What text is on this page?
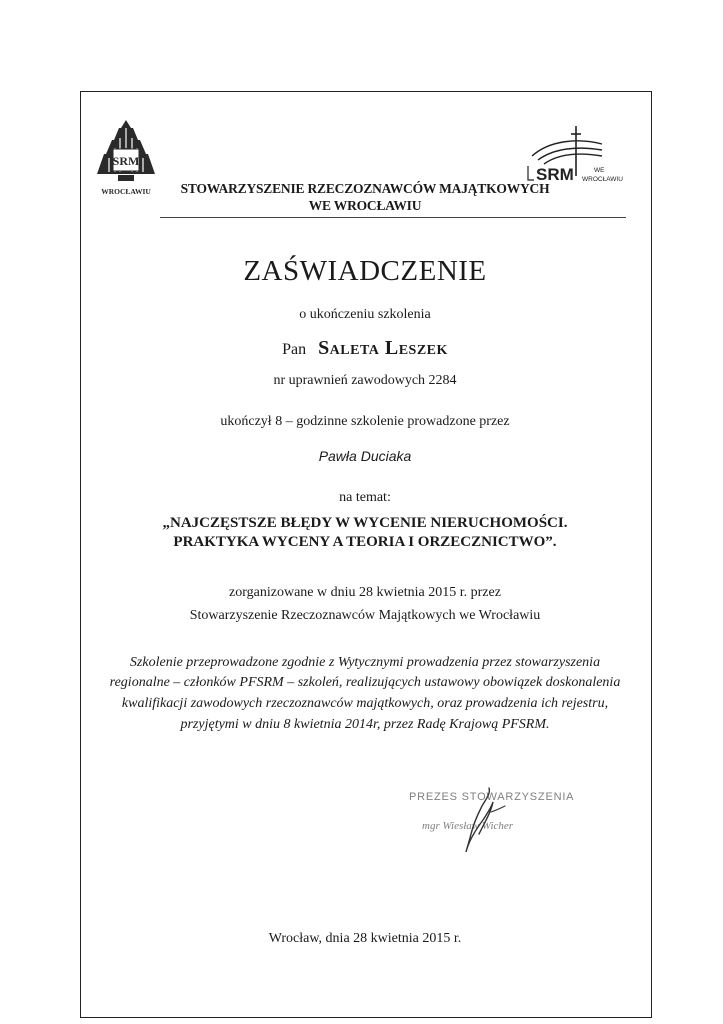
SRM
WROCŁAWIU	STOWARZYSZENIE RZECZOZNAWCÓW MAJĄTKOWYCH
WE WROCŁAWIU
SRM	WE
WROCŁAWIU
ZAŚWIADCZENIE
o ukończeniu szkolenia
Pan Saleta Leszek
nr uprawnień zawodowych 2284
ukończył 8 – godzinne szkolenie prowadzone przez
Pawła Duciaka
na temat:
„NAJCZĘSTSZE BŁĘDY W WYCENIE NIERUCHOMOŚCI.
PRAKTYKA WYCENY A TEORIA I ORZECZNICTWO”.
zorganizowane w dniu 28 kwietnia 2015 r. przez
Stowarzyszenie Rzeczoznawców Majątkowych we Wrocławiu
Szkolenie przeprowadzone zgodnie z Wytycznymi prowadzenia przez stowarzyszenia
regionalne – członków PFSRM – szkoleń, realizujących ustawowy obowiązek doskonalenia
kwalifikacji zawodowych rzeczoznawców majątkowych, oraz prowadzenia ich rejestru,
przyjętymi w dniu 8 kwietnia 2014r, przez Radę Krajową PFSRM.
PREZES STOWARZYSZENIA
mgr Wiesław Wicher
Wrocław, dnia 28 kwietnia 2015 r.
